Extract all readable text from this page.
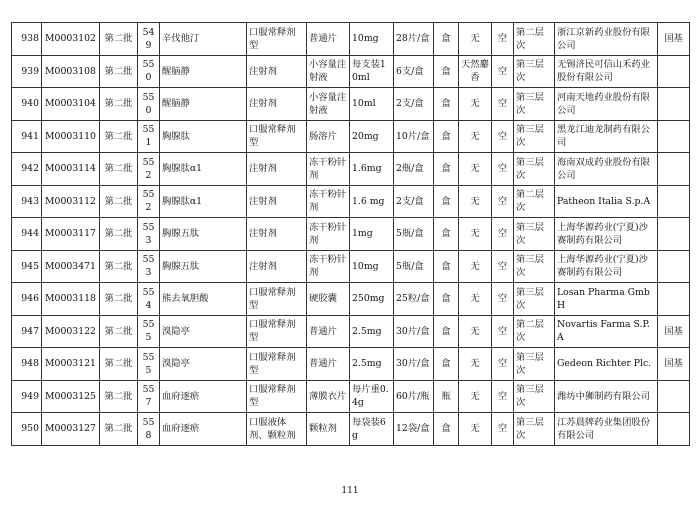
938	M0003102	第二批	549	辛伐他汀	口服常释剂型	普通片	10mg	28片/盒	盒	无	空	第二层次	浙江京新药业股份有限公司	国基
939	M0003108	第二批	550	醒脑静	注射剂	小容量注射液	每支装10ml	6支/盒	盒	天然麝香	空	第三层次	无锡济民可信山禾药业股份有限公司	
940	M0003104	第二批	550	醒脑静	注射剂	小容量注射液	10ml	2支/盒	盒	无	空	第三层次	河南天地药业股份有限公司	
941	M0003110	第二批	551	胸腺肽	口服常释剂型	肠溶片	20mg	10片/盒	盒	无	空	第三层次	黑龙江迪龙制药有限公司	
942	M0003114	第二批	552	胸腺肽α1	注射剂	冻干粉针剂	1.6mg	2瓶/盒	盒	无	空	第三层次	海南双成药业股份有限公司	
943	M0003112	第二批	552	胸腺肽α1	注射剂	冻干粉针剂	1.6 mg	2支/盒	盒	无	空	第二层次	Patheon Italia S.p.A	
944	M0003117	第二批	553	胸腺五肽	注射剂	冻干粉针剂	1mg	5瓶/盒	盒	无	空	第三层次	上海华源药业(宁夏)沙赛制药有限公司	
945	M0003471	第二批	553	胸腺五肽	注射剂	冻干粉针剂	10mg	5瓶/盒	盒	无	空	第三层次	上海华源药业(宁夏)沙赛制药有限公司	
946	M0003118	第二批	554	熊去氧胆酸	口服常释剂型	硬胶囊	250mg	25粒/盒	盒	无	空	第三层次	Losan Pharma GmbH	
947	M0003122	第二批	555	溴隐亭	口服常释剂型	普通片	2.5mg	30片/盒	盒	无	空	第二层次	Novartis Farma S.P.A	国基
948	M0003121	第二批	555	溴隐亭	口服常释剂型	普通片	2.5mg	30片/盒	盒	无	空	第三层次	Gedeon Richter Plc.	国基
949	M0003125	第二批	557	血府逐瘀	口服常释剂型	薄膜衣片	每片重0.4g	60片/瓶	瓶	无	空	第三层次	潍坊中狮制药有限公司	
950	M0003127	第二批	558	血府逐瘀	口服液体剂、颗粒剂	颗粒剂	每袋装6g	12袋/盒	盒	无	空	第三层次	江苏晨牌药业集团股份有限公司	
111
